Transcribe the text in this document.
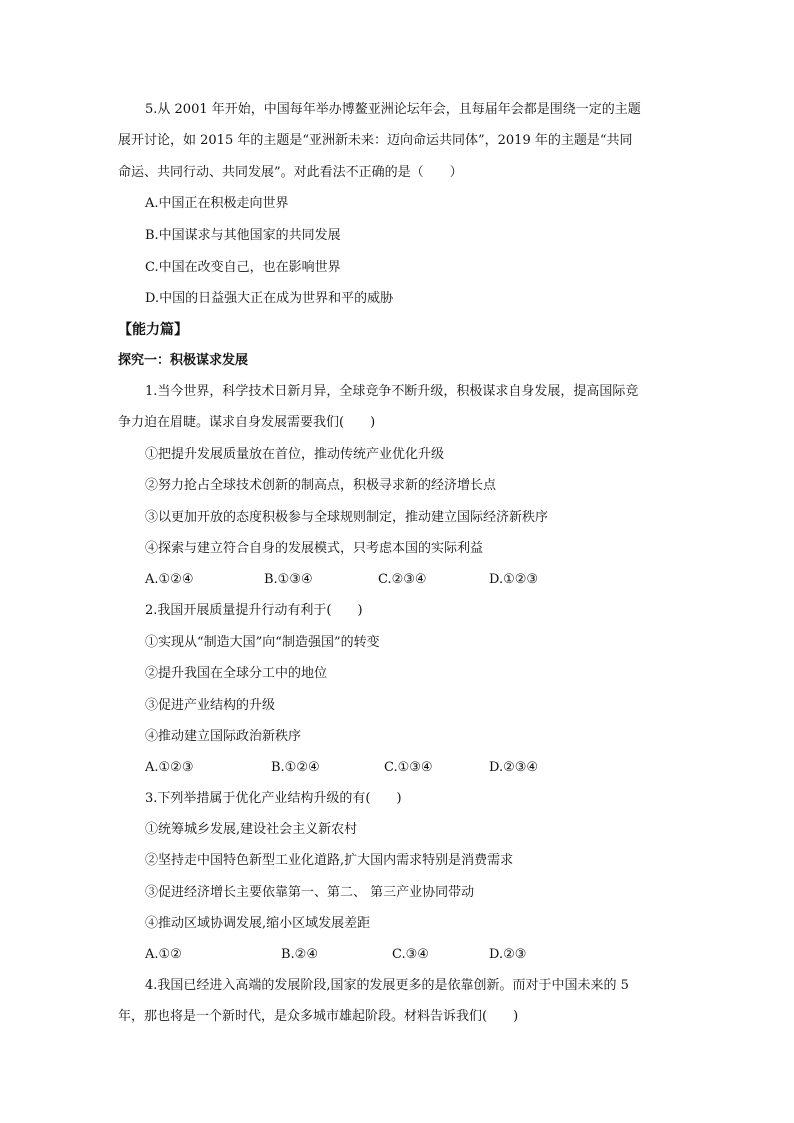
5.从 2001 年开始，中国每年举办博鳌亚洲论坛年会，且每届年会都是围绕一定的主题
展开讨论，如 2015 年的主题是“亚洲新未来：迈向命运共同体”，2019 年的主题是“共同
命运、共同行动、共同发展”。对此看法不正确的是（　　）
A.中国正在积极走向世界
B.中国谋求与其他国家的共同发展
C.中国在改变自己，也在影响世界
D.中国的日益强大正在成为世界和平的威胁
【能力篇】
探究一：积极谋求发展
1.当今世界，科学技术日新月异，全球竞争不断升级，积极谋求自身发展，提高国际竞
争力迫在眉睫。谋求自身发展需要我们(　　)
①把提升发展质量放在首位，推动传统产业优化升级
②努力抢占全球技术创新的制高点，积极寻求新的经济增长点
③以更加开放的态度积极参与全球规则制定，推动建立国际经济新秩序
④探索与建立符合自身的发展模式，只考虑本国的实际利益
A.①②④	B.①③④	C.②③④	D.①②③
2.我国开展质量提升行动有利于(　　)
①实现从“制造大国”向“制造强国”的转变
②提升我国在全球分工中的地位
③促进产业结构的升级
④推动建立国际政治新秩序
A.①②③	B.①②④	C.①③④	D.②③④
3.下列举措属于优化产业结构升级的有(　　)
①统筹城乡发展,建设社会主义新农村
②坚持走中国特色新型工业化道路,扩大国内需求特别是消费需求
③促进经济增长主要依靠第一、第二、 第三产业协同带动
④推动区域协调发展,缩小区域发展差距
A.①②	B.②④	C.③④	D.②③
4.我国已经进入高端的发展阶段,国家的发展更多的是依靠创新。而对于中国未来的 5
年，那也将是一个新时代，是众多城市雄起阶段。材料告诉我们(　　)
